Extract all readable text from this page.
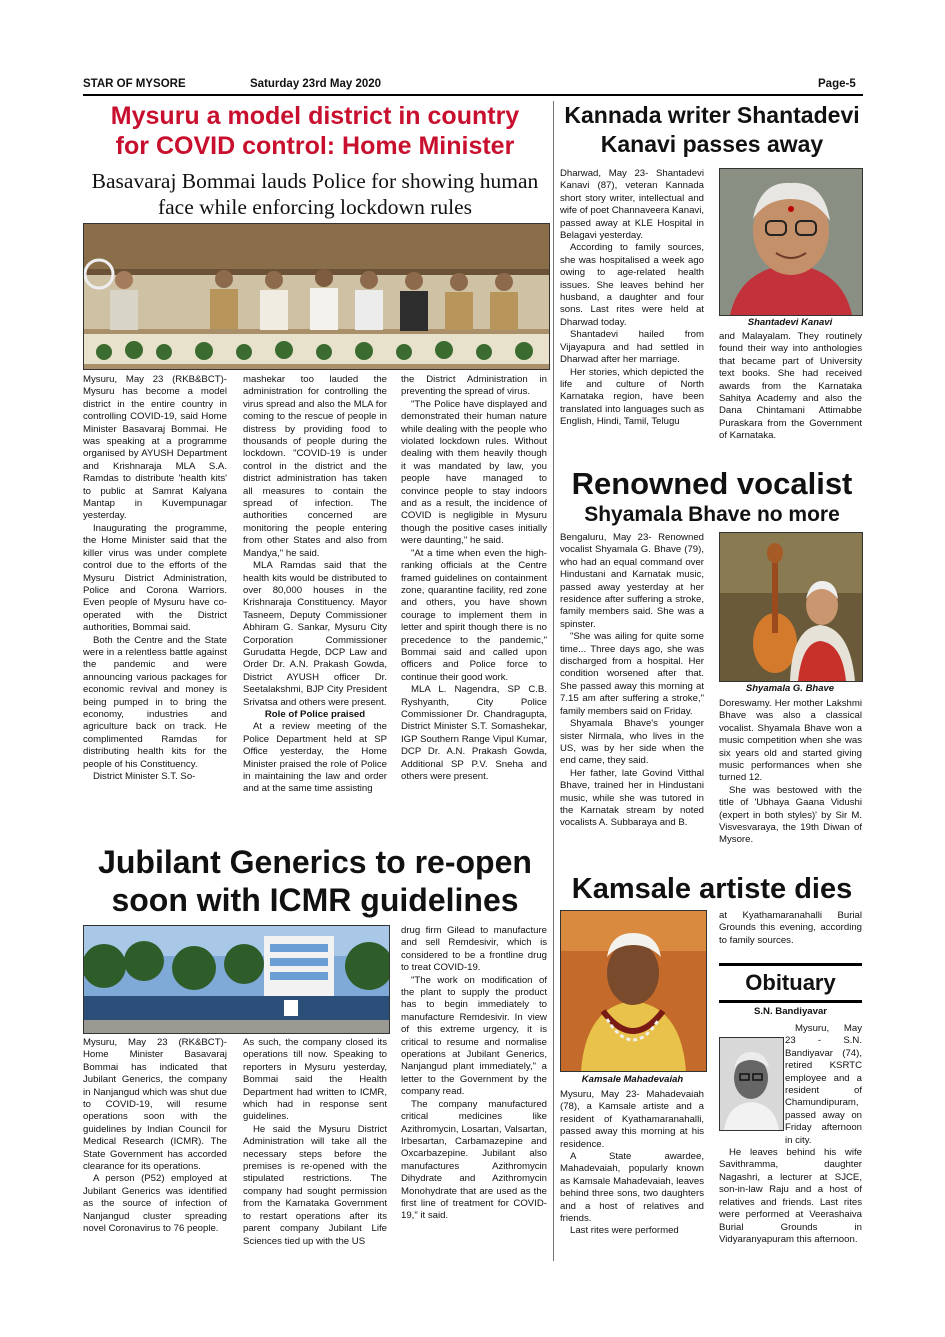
STAR OF MYSORE	Saturday 23rd May 2020	Page-5
Mysuru a model district in country
for COVID control: Home Minister
Basavaraj Bommai lauds Police for showing human
face while enforcing lockdown rules

Mysuru, May 23 (RKB&BCT)- Mysuru has become a model district in the entire country in controlling COVID-19, said Home Minister Basavaraj Bommai. He was speaking at a programme organised by AYUSH Department and Krishnaraja MLA S.A. Ramdas to distribute 'health kits' to public at Samrat Kalyana Mantap in Kuvempunagar yesterday.

Inaugurating the programme, the Home Minister said that the killer virus was under complete control due to the efforts of the Mysuru District Administration, Police and Corona Warriors. Even people of Mysuru have co-operated with the District authorities, Bommai said.

Both the Centre and the State were in a relentless battle against the pandemic and were announcing various packages for economic revival and money is being pumped in to bring the economy, industries and agriculture back on track. He complimented Ramdas for distributing health kits for the people of his Constituency.

District Minister S.T. So-

mashekar too lauded the administration for controlling the virus spread and also the MLA for coming to the rescue of people in distress by providing food to thousands of people during the lockdown. "COVID-19 is under control in the district and the district administration has taken all measures to contain the spread of infection. The authorities concerned are monitoring the people entering from other States and also from Mandya," he said.

MLA Ramdas said that the health kits would be distributed to over 80,000 houses in the Krishnaraja Constituency. Mayor Tasneem, Deputy Commissioner Abhiram G. Sankar, Mysuru City Corporation Commissioner Gurudatta Hegde, DCP Law and Order Dr. A.N. Prakash Gowda, District AYUSH officer Dr. Seetalakshmi, BJP City President Srivatsa and others were present.

Role of Police praised

At a review meeting of the Police Department held at SP Office yesterday, the Home Minister praised the role of Police in maintaining the law and order and at the same time assisting

the District Administration in preventing the spread of virus.

"The Police have displayed and demonstrated their human nature while dealing with the people who violated lockdown rules. Without dealing with them heavily though it was mandated by law, you people have managed to convince people to stay indoors and as a result, the incidence of COVID is negligible in Mysuru though the positive cases initially were daunting," he said.

"At a time when even the high-ranking officials at the Centre framed guidelines on containment zone, quarantine facility, red zone and others, you have shown courage to implement them in letter and spirit though there is no precedence to the pandemic," Bommai said and called upon officers and Police force to continue their good work.

MLA L. Nagendra, SP C.B. Ryshyanth, City Police Commissioner Dr. Chandragupta, District Minister S.T. Somashekar, IGP Southern Range Vipul Kumar, DCP Dr. A.N. Prakash Gowda, Additional SP P.V. Sneha and others were present.

Jubilant Generics to re-open
soon with ICMR guidelines

Mysuru, May 23 (RK&BCT)- Home Minister Basavaraj Bommai has indicated that Jubilant Generics, the company in Nanjangud which was shut due to COVID-19, will resume operations soon with the guidelines by Indian Council for Medical Research (ICMR). The State Government has accorded clearance for its operations.

A person (P52) employed at Jubilant Generics was identified as the source of infection of Nanjangud cluster spreading novel Coronavirus to 76 people.

As such, the company closed its operations till now. Speaking to reporters in Mysuru yesterday, Bommai said the Health Department had written to ICMR, which had in response sent guidelines.

He said the Mysuru District Administration will take all the necessary steps before the premises is re-opened with the stipulated restrictions. The company had sought permission from the Karnataka Government to restart operations after its parent company Jubilant Life Sciences tied up with the US

drug firm Gilead to manufacture and sell Remdesivir, which is considered to be a frontline drug to treat COVID-19.

"The work on modification of the plant to supply the product has to begin immediately to manufacture Remdesivir. In view of this extreme urgency, it is critical to resume and normalise operations at Jubilant Generics, Nanjangud plant immediately," a letter to the Government by the company read.

The company manufactured critical medicines like Azithromycin, Losartan, Valsartan, Irbesartan, Carbamazepine and Oxcarbazepine. Jubilant also manufactures Azithromycin Dihydrate and Azithromycin Monohydrate that are used as the first line of treatment for COVID-19," it said.

Kannada writer Shantadevi
Kanavi passes away

Dharwad, May 23- Shantadevi Kanavi (87), veteran Kannada short story writer, intellectual and wife of poet Channaveera Kanavi, passed away at KLE Hospital in Belagavi yesterday.

According to family sources, she was hospitalised a week ago owing to age-related health issues. She leaves behind her husband, a daughter and four sons. Last rites were held at Dharwad today.

Shantadevi hailed from Vijayapura and had settled in Dharwad after her marriage.

Her stories, which depicted the life and culture of North Karnataka region, have been translated into languages such as English, Hindi, Tamil, Telugu

Shantadevi Kanavi

and Malayalam. They routinely found their way into anthologies that became part of University text books. She had received awards from the Karnataka Sahitya Academy and also the Dana Chintamani Attimabbe Puraskara from the Government of Karnataka.

Renowned vocalist
Shyamala Bhave no more

Bengaluru, May 23- Renowned vocalist Shyamala G. Bhave (79), who had an equal command over Hindustani and Karnatak music, passed away yesterday at her residence after suffering a stroke, family members said. She was a spinster.

"She was ailing for quite some time... Three days ago, she was discharged from a hospital. Her condition worsened after that. She passed away this morning at 7.15 am after suffering a stroke," family members said on Friday.

Shyamala Bhave's younger sister Nirmala, who lives in the US, was by her side when the end came, they said.

Her father, late Govind Vitthal Bhave, trained her in Hindustani music, while she was tutored in the Karnatak stream by noted vocalists A. Subbaraya and B.

Shyamala G. Bhave

Doreswamy. Her mother Lakshmi Bhave was also a classical vocalist. Shyamala Bhave won a music competition when she was six years old and started giving music performances when she turned 12.

She was bestowed with the title of 'Ubhaya Gaana Vidushi (expert in both styles)' by Sir M. Visvesvaraya, the 19th Diwan of Mysore.

Kamsale artiste dies
Kamsale Mahadevaiah

Mysuru, May 23- Mahadevaiah (78), a Kamsale artiste and a resident of Kyathamaranahalli, passed away this morning at his residence.

A State awardee, Mahadevaiah, popularly known as Kamsale Mahadevaiah, leaves behind three sons, two daughters and a host of relatives and friends.

Last rites were performed

at Kyathamaranahalli Burial Grounds this evening, according to family sources.

Obituary
S.N. Bandiyavar

Mysuru, May 23 - S.N. Bandiyavar (74), retired KSRTC employee and a resident of Chamundipuram, passed away on Friday afternoon in city.

He leaves behind his wife Savithramma, daughter Nagashri, a lecturer at SJCE, son-in-law Raju and a host of relatives and friends. Last rites were performed at Veerashaiva Burial Grounds in Vidyaranyapuram this afternoon.
